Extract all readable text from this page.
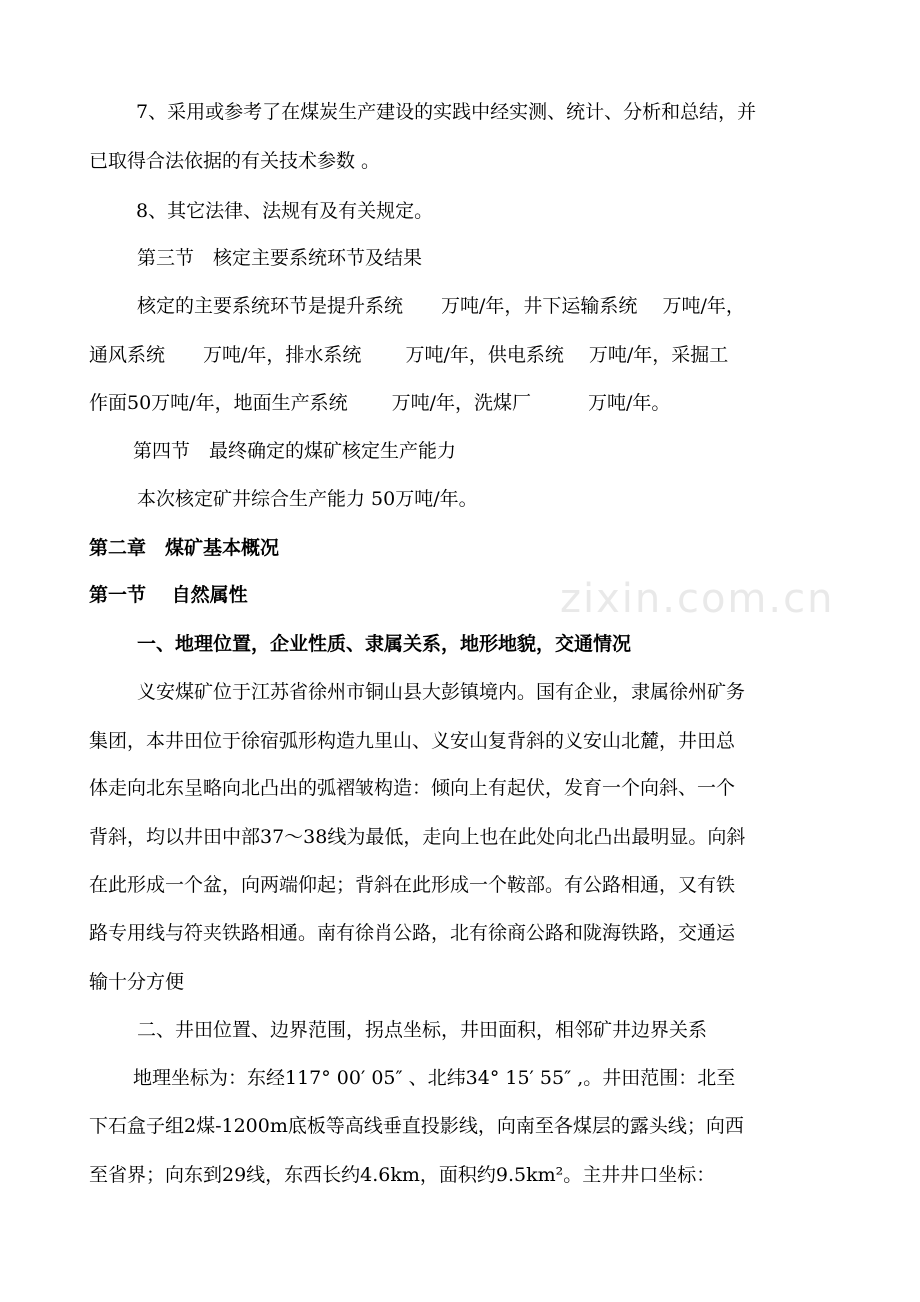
zixin.com.cn
7、采用或参考了在煤炭生产建设的实践中经实测、统计、分析和总结，并
已取得合法依据的有关技术参数 。
8、其它法律、法规有及有关规定。
第三节　核定主要系统环节及结果
核定的主要系统环节是提升系统　　万吨/年，井下运输系统　 万吨/年，
通风系统　　万吨/年，排水系统　　 万吨/年，供电系统　 万吨/年，采掘工
作面50万吨/年，地面生产系统　　 万吨/年，洗煤厂　　　万吨/年。
第四节　最终确定的煤矿核定生产能力
本次核定矿井综合生产能力 50万吨/年。
第二章　煤矿基本概况
第一节　 自然属性
一、地理位置，企业性质、隶属关系，地形地貌，交通情况
义安煤矿位于江苏省徐州市铜山县大彭镇境内。国有企业，隶属徐州矿务
集团，本井田位于徐宿弧形构造九里山、义安山复背斜的义安山北麓，井田总
体走向北东呈略向北凸出的弧褶皱构造：倾向上有起伏，发育一个向斜、一个
背斜，均以井田中部37～38线为最低，走向上也在此处向北凸出最明显。向斜
在此形成一个盆，向两端仰起；背斜在此形成一个鞍部。有公路相通，又有铁
路专用线与符夹铁路相通。南有徐肖公路，北有徐商公路和陇海铁路，交通运
输十分方便
二、井田位置、边界范围，拐点坐标，井田面积，相邻矿井边界关系
地理坐标为：东经117° 00′ 05″ 、北纬34° 15′ 55″ ,。井田范围：北至
下石盒子组2煤-1200m底板等高线垂直投影线，向南至各煤层的露头线；向西
至省界；向东到29线，东西长约4.6km，面积约9.5km²。主井井口坐标：
